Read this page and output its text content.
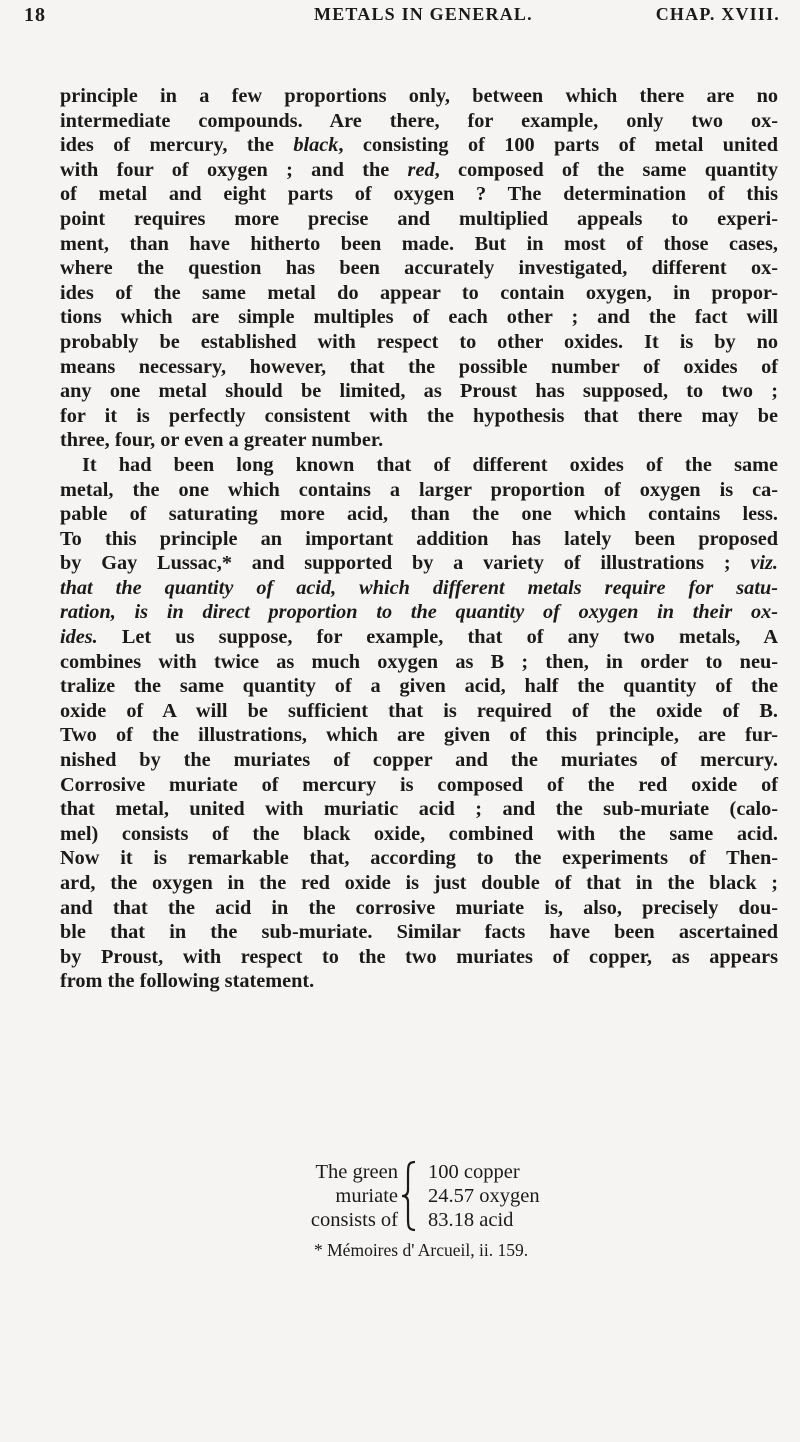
18	METALS IN GENERAL.	CHAP. XVIII.
principle in a few proportions only, between which there are no
intermediate compounds. Are there, for example, only two ox-
ides of mercury, the black, consisting of 100 parts of metal united
with four of oxygen ; and the red, composed of the same quantity
of metal and eight parts of oxygen ? The determination of this
point requires more precise and multiplied appeals to experi-
ment, than have hitherto been made. But in most of those cases,
where the question has been accurately investigated, different ox-
ides of the same metal do appear to contain oxygen, in propor-
tions which are simple multiples of each other ; and the fact will
probably be established with respect to other oxides. It is by no
means necessary, however, that the possible number of oxides of
any one metal should be limited, as Proust has supposed, to two ;
for it is perfectly consistent with the hypothesis that there may be
three, four, or even a greater number.
It had been long known that of different oxides of the same
metal, the one which contains a larger proportion of oxygen is ca-
pable of saturating more acid, than the one which contains less.
To this principle an important addition has lately been proposed
by Gay Lussac,* and supported by a variety of illustrations ; viz.
that the quantity of acid, which different metals require for satu-
ration, is in direct proportion to the quantity of oxygen in their ox-
ides. Let us suppose, for example, that of any two metals, A
combines with twice as much oxygen as B ; then, in order to neu-
tralize the same quantity of a given acid, half the quantity of the
oxide of A will be sufficient that is required of the oxide of B.
Two of the illustrations, which are given of this principle, are fur-
nished by the muriates of copper and the muriates of mercury.
Corrosive muriate of mercury is composed of the red oxide of
that metal, united with muriatic acid ; and the sub-muriate (calo-
mel) consists of the black oxide, combined with the same acid.
Now it is remarkable that, according to the experiments of Then-
ard, the oxygen in the red oxide is just double of that in the black ;
and that the acid in the corrosive muriate is, also, precisely dou-
ble that in the sub-muriate. Similar facts have been ascertained
by Proust, with respect to the two muriates of copper, as appears
from the following statement.
The green
muriate
consists of
100 copper
24.57 oxygen
83.18 acid
* Mémoires d' Arcueil, ii. 159.
